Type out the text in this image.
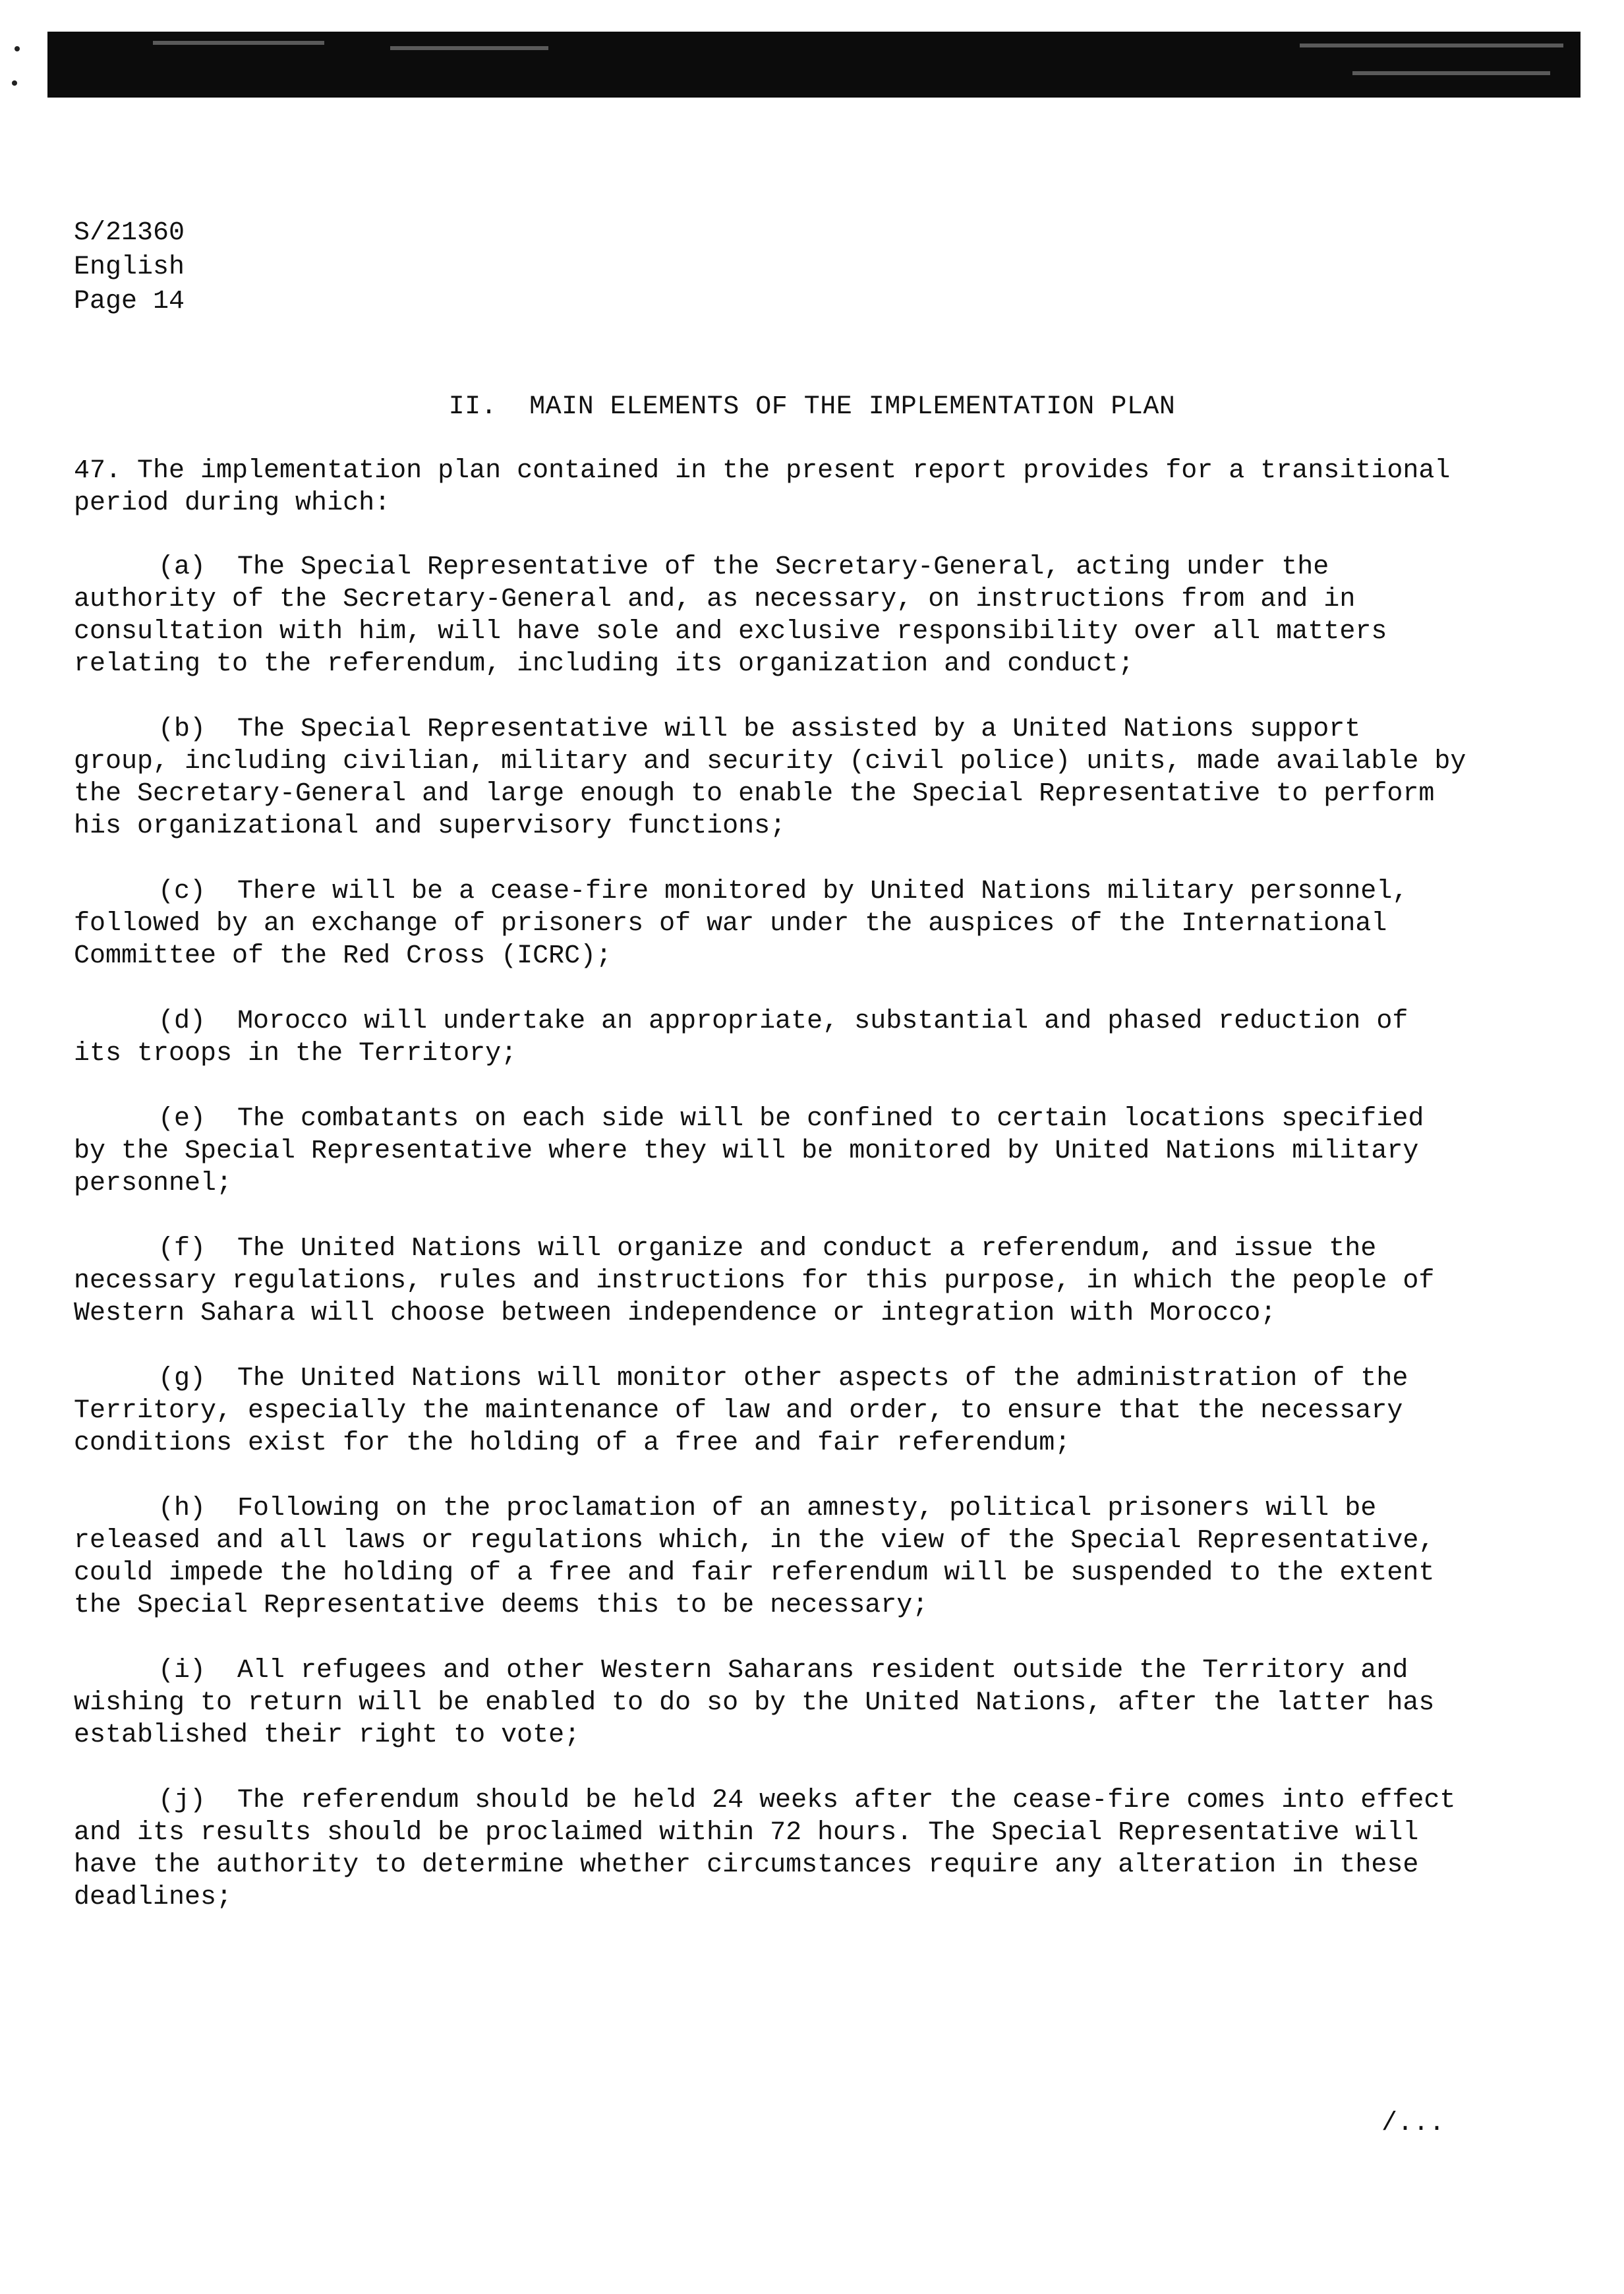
S/21360
English
Page 14
II.  MAIN ELEMENTS OF THE IMPLEMENTATION PLAN

47. The implementation plan contained in the present report provides for a transitional period during which:

(a) The Special Representative of the Secretary-General, acting under the authority of the Secretary-General and, as necessary, on instructions from and in consultation with him, will have sole and exclusive responsibility over all matters relating to the referendum, including its organization and conduct;

(b) The Special Representative will be assisted by a United Nations support group, including civilian, military and security (civil police) units, made available by the Secretary-General and large enough to enable the Special Representative to perform his organizational and supervisory functions;

(c) There will be a cease-fire monitored by United Nations military personnel, followed by an exchange of prisoners of war under the auspices of the International Committee of the Red Cross (ICRC);

(d) Morocco will undertake an appropriate, substantial and phased reduction of its troops in the Territory;

(e) The combatants on each side will be confined to certain locations specified by the Special Representative where they will be monitored by United Nations military personnel;

(f) The United Nations will organize and conduct a referendum, and issue the necessary regulations, rules and instructions for this purpose, in which the people of Western Sahara will choose between independence or integration with Morocco;

(g) The United Nations will monitor other aspects of the administration of the Territory, especially the maintenance of law and order, to ensure that the necessary conditions exist for the holding of a free and fair referendum;

(h) Following on the proclamation of an amnesty, political prisoners will be released and all laws or regulations which, in the view of the Special Representative, could impede the holding of a free and fair referendum will be suspended to the extent the Special Representative deems this to be necessary;

(i) All refugees and other Western Saharans resident outside the Territory and wishing to return will be enabled to do so by the United Nations, after the latter has established their right to vote;

(j) The referendum should be held 24 weeks after the cease-fire comes into effect and its results should be proclaimed within 72 hours. The Special Representative will have the authority to determine whether circumstances require any alteration in these deadlines;

/...
